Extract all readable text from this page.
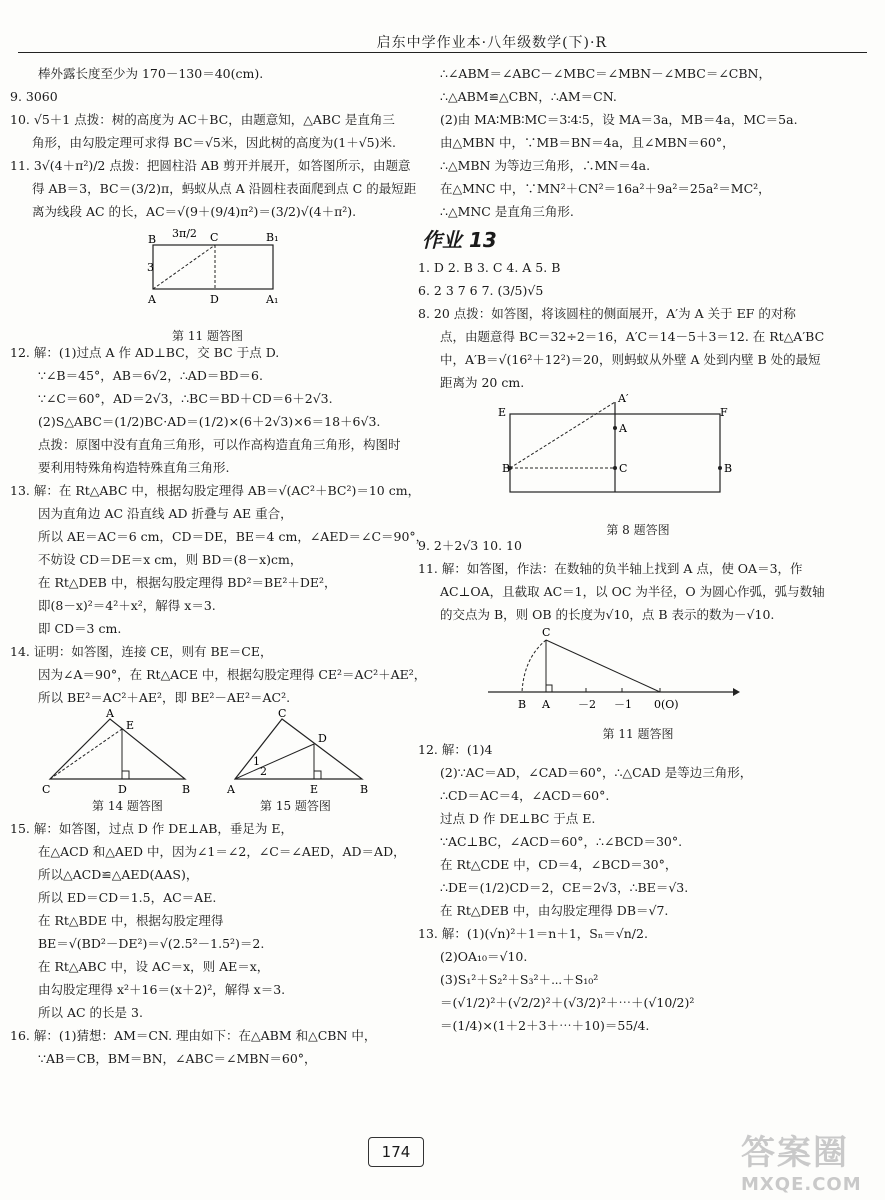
启东中学作业本·八年级数学(下)·R

棒外露长度至少为 170－130＝40(cm).

9. 3060

10. √5＋1 点拨：树的高度为 AC＋BC，由题意知，△ABC 是直角三

角形，由勾股定理可求得 BC＝√5米，因此树的高度为(1＋√5)米.

11. 3√(4＋π²)/2 点拨：把圆柱沿 AB 剪开并展开，如答图所示，由题意

得 AB＝3，BC＝(3/2)π，蚂蚁从点 A 沿圆柱表面爬到点 C 的最短距

离为线段 AC 的长，AC＝√(9＋(9/4)π²)＝(3/2)√(4＋π²).

3π/2
B	C	B₁
3
A	D	A₁
第 11 题答图

12. 解：(1)过点 A 作 AD⊥BC，交 BC 于点 D.

∵∠B＝45°，AB＝6√2，∴AD＝BD＝6.

∵∠C＝60°，AD＝2√3，∴BC＝BD＋CD＝6＋2√3.

(2)S△ABC＝(1/2)BC·AD＝(1/2)×(6＋2√3)×6＝18＋6√3.

点拨：原图中没有直角三角形，可以作高构造直角三角形，构图时

要利用特殊角构造特殊直角三角形.

13. 解：在 Rt△ABC 中，根据勾股定理得 AB＝√(AC²＋BC²)＝10 cm，

因为直角边 AC 沿直线 AD 折叠与 AE 重合，

所以 AE＝AC＝6 cm，CD＝DE，BE＝4 cm，∠AED＝∠C＝90°，

不妨设 CD＝DE＝x cm，则 BD＝(8－x)cm，

在 Rt△DEB 中，根据勾股定理得 BD²＝BE²＋DE²，

即(8－x)²＝4²＋x²，解得 x＝3.

即 CD＝3 cm.

14. 证明：如答图，连接 CE，则有 BE＝CE，

因为∠A＝90°，在 Rt△ACE 中，根据勾股定理得 CE²＝AC²＋AE²，

所以 BE²＝AC²＋AE²，即 BE²－AE²＝AC².

A
E
C	D	B
C
D
1
2
A	E	B
第 14 题答图	第 15 题答图

15. 解：如答图，过点 D 作 DE⊥AB，垂足为 E，

在△ACD 和△AED 中，因为∠1＝∠2，∠C＝∠AED，AD＝AD，

所以△ACD≌△AED(AAS)，

所以 ED＝CD＝1.5，AC＝AE.

在 Rt△BDE 中，根据勾股定理得

BE＝√(BD²－DE²)＝√(2.5²－1.5²)＝2.

在 Rt△ABC 中，设 AC＝x，则 AE＝x，

由勾股定理得 x²＋16＝(x＋2)²，解得 x＝3.

所以 AC 的长是 3.

16. 解：(1)猜想：AM＝CN. 理由如下：在△ABM 和△CBN 中，

∵AB＝CB，BM＝BN，∠ABC＝∠MBN＝60°，

∴∠ABM＝∠ABC－∠MBC＝∠MBN－∠MBC＝∠CBN，

∴△ABM≌△CBN，∴AM＝CN.

(2)由 MA∶MB∶MC＝3∶4∶5，设 MA＝3a，MB＝4a，MC＝5a.

由△MBN 中，∵MB＝BN＝4a，且∠MBN＝60°，

∴△MBN 为等边三角形，∴MN＝4a.

在△MNC 中，∵MN²＋CN²＝16a²＋9a²＝25a²＝MC²，

∴△MNC 是直角三角形.

作业 13

1. D 2. B 3. C 4. A 5. B

6. 2 3 7 6 7. (3/5)√5

8. 20 点拨：如答图，将该圆柱的侧面展开，A′为 A 关于 EF 的对称

点，由题意得 BC＝32÷2＝16，A′C＝14－5＋3＝12. 在 Rt△A′BC

中，A′B＝√(16²＋12²)＝20，则蚂蚁从外壁 A 处到内壁 B 处的最短

距离为 20 cm.

E	F
A′
A
C
B	B
第 8 题答图

9. 2＋2√3 10. 10

11. 解：如答图，作法：在数轴的负半轴上找到 A 点，使 OA＝3，作

AC⊥OA，且截取 AC＝1，以 OC 为半径，O 为圆心作弧，弧与数轴

的交点为 B，则 OB 的长度为√10，点 B 表示的数为－√10.

C
B A	－2 －1 0(O)
第 11 题答图

12. 解：(1)4

(2)∵AC＝AD，∠CAD＝60°，∴△CAD 是等边三角形，

∴CD＝AC＝4，∠ACD＝60°.

过点 D 作 DE⊥BC 于点 E.

∵AC⊥BC，∠ACD＝60°，∴∠BCD＝30°.

在 Rt△CDE 中，CD＝4，∠BCD＝30°，

∴DE＝(1/2)CD＝2，CE＝2√3，∴BE＝√3.

在 Rt△DEB 中，由勾股定理得 DB＝√7.

13. 解：(1)(√n)²＋1＝n＋1，Sₙ＝√n/2.

(2)OA₁₀＝√10.

(3)S₁²＋S₂²＋S₃²＋⋯＋S₁₀²

＝(√1/2)²＋(√2/2)²＋(√3/2)²＋⋯＋(√10/2)²

＝(1/4)×(1＋2＋3＋⋯＋10)＝55/4.

174	答案圈
MXQE.COM
